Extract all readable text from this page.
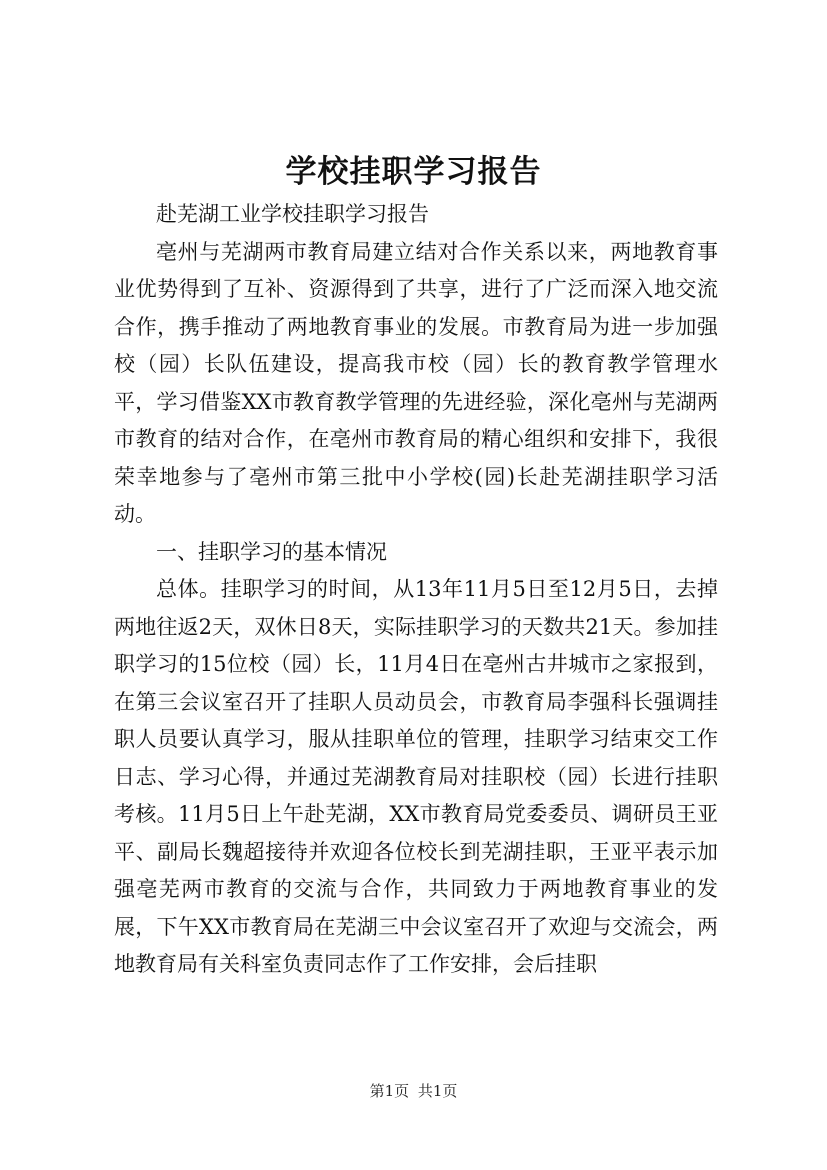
学校挂职学习报告

赴芜湖工业学校挂职学习报告

亳州与芜湖两市教育局建立结对合作关系以来，两地教育事业优势得到了互补、资源得到了共享，进行了广泛而深入地交流合作，携手推动了两地教育事业的发展。市教育局为进一步加强校（园）长队伍建设，提高我市校（园）长的教育教学管理水平，学习借鉴XX市教育教学管理的先进经验，深化亳州与芜湖两市教育的结对合作，在亳州市教育局的精心组织和安排下，我很荣幸地参与了亳州市第三批中小学校(园)长赴芜湖挂职学习活动。

一、挂职学习的基本情况

总体。挂职学习的时间，从13年11月5日至12月5日，去掉两地往返2天，双休日8天，实际挂职学习的天数共21天。参加挂职学习的15位校（园）长，11月4日在亳州古井城市之家报到，在第三会议室召开了挂职人员动员会，市教育局李强科长强调挂职人员要认真学习，服从挂职单位的管理，挂职学习结束交工作日志、学习心得，并通过芜湖教育局对挂职校（园）长进行挂职考核。11月5日上午赴芜湖，XX市教育局党委委员、调研员王亚平、副局长魏超接待并欢迎各位校长到芜湖挂职，王亚平表示加强亳芜两市教育的交流与合作，共同致力于两地教育事业的发展，下午XX市教育局在芜湖三中会议室召开了欢迎与交流会，两地教育局有关科室负责同志作了工作安排，会后挂职

第1页 共1页
